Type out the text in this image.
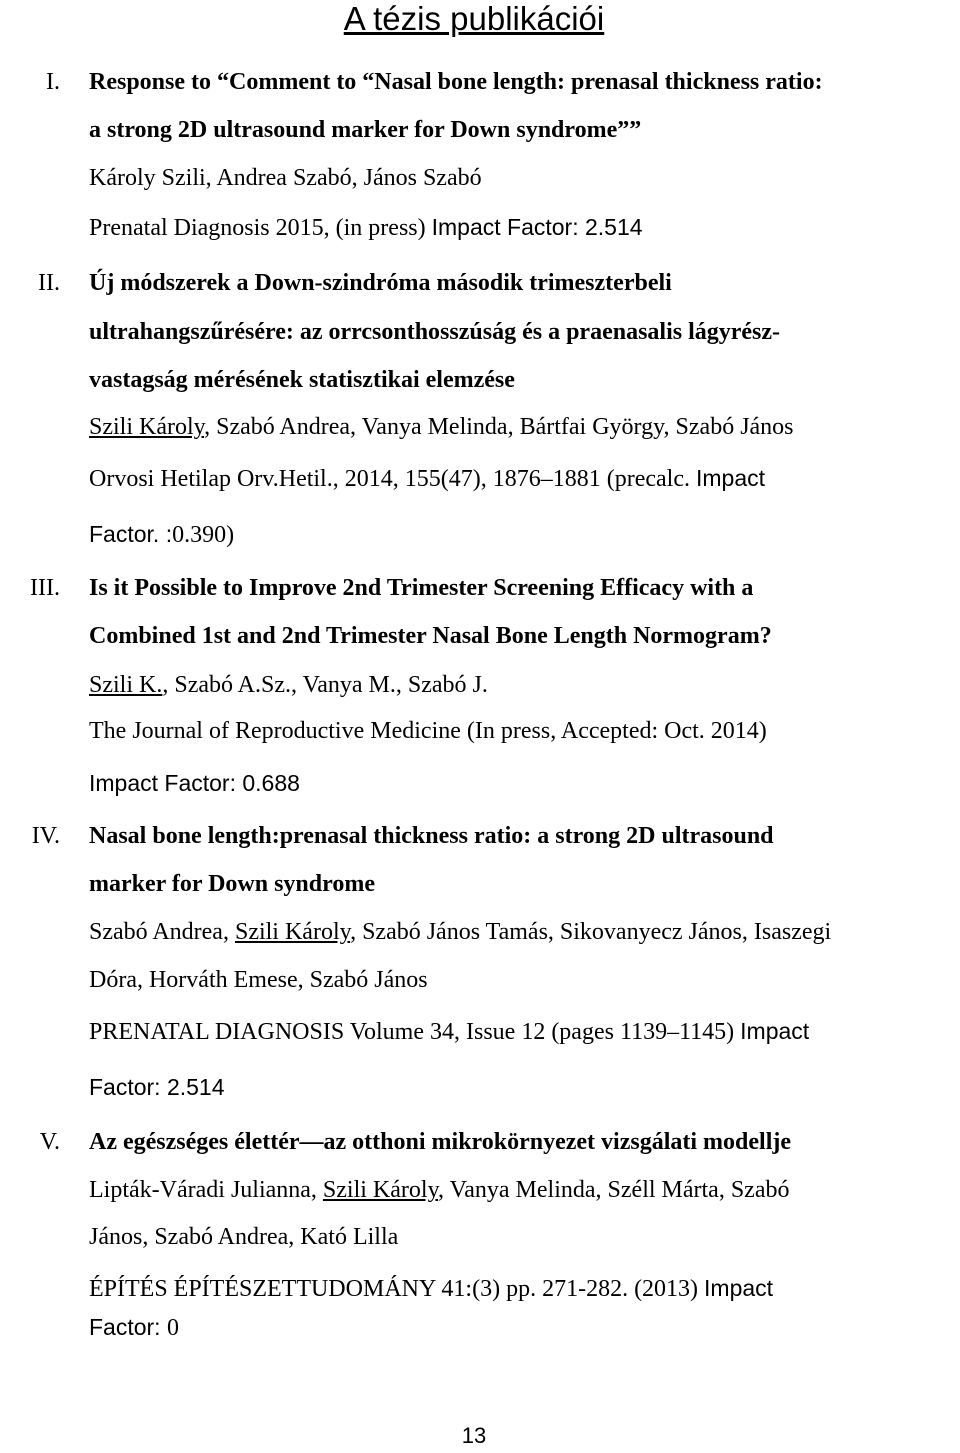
A tézis publikációi
I. Response to “Comment to “Nasal bone length: prenasal thickness ratio:
a strong 2D ultrasound marker for Down syndrome””
Károly Szili, Andrea Szabó, János Szabó
Prenatal Diagnosis 2015, (in press) Impact Factor: 2.514
II. Új módszerek a Down-szindróma második trimeszterbeli
ultrahangszűrésére: az orrcsonthosszúság és a praenasalis lágyrész-
vastagság mérésének statisztikai elemzése
Szili Károly, Szabó Andrea, Vanya Melinda, Bártfai György, Szabó János
Orvosi Hetilap Orv.Hetil., 2014, 155(47), 1876–1881 (precalc. Impact
Factor. :0.390)
III. Is it Possible to Improve 2nd Trimester Screening Efficacy with a
Combined 1st and 2nd Trimester Nasal Bone Length Normogram?
Szili K., Szabó A.Sz., Vanya M., Szabó J.
The Journal of Reproductive Medicine (In press, Accepted: Oct. 2014)
Impact Factor: 0.688
IV. Nasal bone length:prenasal thickness ratio: a strong 2D ultrasound
marker for Down syndrome
Szabó Andrea, Szili Károly, Szabó János Tamás, Sikovanyecz János, Isaszegi
Dóra, Horváth Emese, Szabó János
PRENATAL DIAGNOSIS Volume 34, Issue 12 (pages 1139–1145) Impact
Factor: 2.514
V. Az egészséges élettér—az otthoni mikrokörnyezet vizsgálati modellje
Lipták-Váradi Julianna, Szili Károly, Vanya Melinda, Széll Márta, Szabó
János, Szabó Andrea, Kató Lilla
ÉPÍTÉS ÉPÍTÉSZETTUDOMÁNY 41:(3) pp. 271-282. (2013) Impact
Factor: 0
13
